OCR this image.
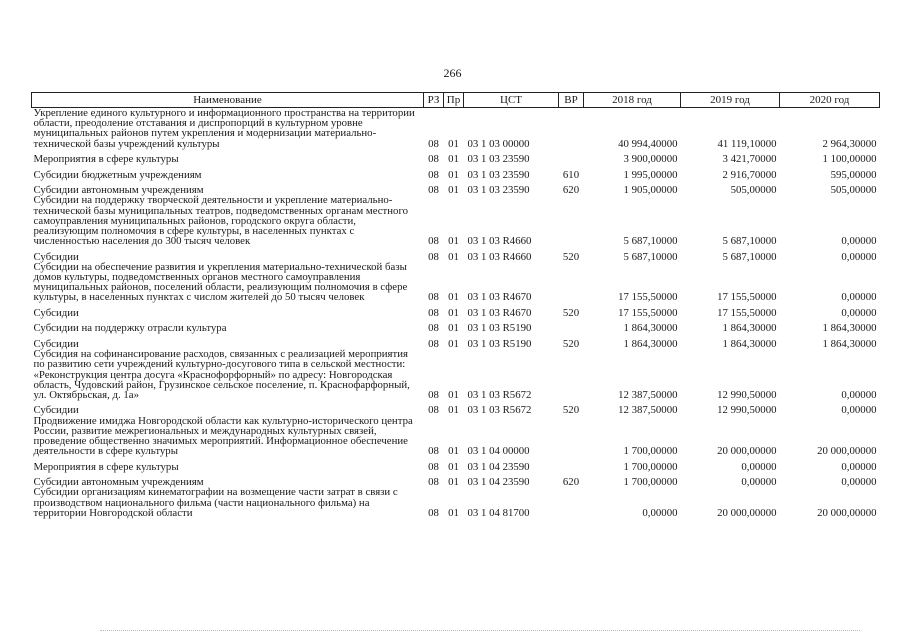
266
Наименование	РЗ	Пр	ЦСТ	ВР	2018 год	2019 год	2020 год
Укрепление единого культурного и информационного пространства на территории области, преодоление отставания и диспропорций в культурном уровне муниципальных районов путем укрепления и модернизации материально-технической базы учреждений культуры	08	01	03 1 03 00000		40 994,40000	41 119,10000	2 964,30000
Мероприятия в сфере культуры	08	01	03 1 03 23590		3 900,00000	3 421,70000	1 100,00000
Субсидии бюджетным учреждениям	08	01	03 1 03 23590	610	1 995,00000	2 916,70000	595,00000
Субсидии автономным учреждениям	08	01	03 1 03 23590	620	1 905,00000	505,00000	505,00000
Субсидии на поддержку творческой деятельности и укрепление материально-технической базы муниципальных театров, подведомственных органам местного самоуправления муниципальных районов, городского округа области, реализующим полномочия в сфере культуры, в населенных пунктах с численностью населения до 300 тысяч человек	08	01	03 1 03 R4660		5 687,10000	5 687,10000	0,00000
Субсидии	08	01	03 1 03 R4660	520	5 687,10000	5 687,10000	0,00000
Субсидии на обеспечение развития и укрепления материально-технической базы домов культуры, подведомственных органов местного самоуправления муниципальных районов, поселений области, реализующим полномочия в сфере культуры, в населенных пунктах с числом жителей до 50 тысяч человек	08	01	03 1 03 R4670		17 155,50000	17 155,50000	0,00000
Субсидии	08	01	03 1 03 R4670	520	17 155,50000	17 155,50000	0,00000
Субсидии на поддержку отрасли культура	08	01	03 1 03 R5190		1 864,30000	1 864,30000	1 864,30000
Субсидии	08	01	03 1 03 R5190	520	1 864,30000	1 864,30000	1 864,30000
Субсидия на софинансирование расходов, связанных с реализацией мероприятия по развитию сети учреждений культурно-досугового типа в сельской местности: «Реконструкция центра досуга «Краснофорфорный» по адресу: Новгородская область, Чудовский район, Грузинское сельское поселение, п. Краснофарфорный, ул. Октябрьская, д. 1а»	08	01	03 1 03 R5672		12 387,50000	12 990,50000	0,00000
Субсидии	08	01	03 1 03 R5672	520	12 387,50000	12 990,50000	0,00000
Продвижение имиджа Новгородской области как культурно-исторического центра России, развитие межрегиональных и международных культурных связей, проведение общественно значимых мероприятий. Информационное обеспечение деятельности в сфере культуры	08	01	03 1 04 00000		1 700,00000	20 000,00000	20 000,00000
Мероприятия в сфере культуры	08	01	03 1 04 23590		1 700,00000	0,00000	0,00000
Субсидии автономным учреждениям	08	01	03 1 04 23590	620	1 700,00000	0,00000	0,00000
Субсидии организациям кинематографии на возмещение части затрат в связи с производством национального фильма (части национального фильма) на территории Новгородской области	08	01	03 1 04 81700		0,00000	20 000,00000	20 000,00000
